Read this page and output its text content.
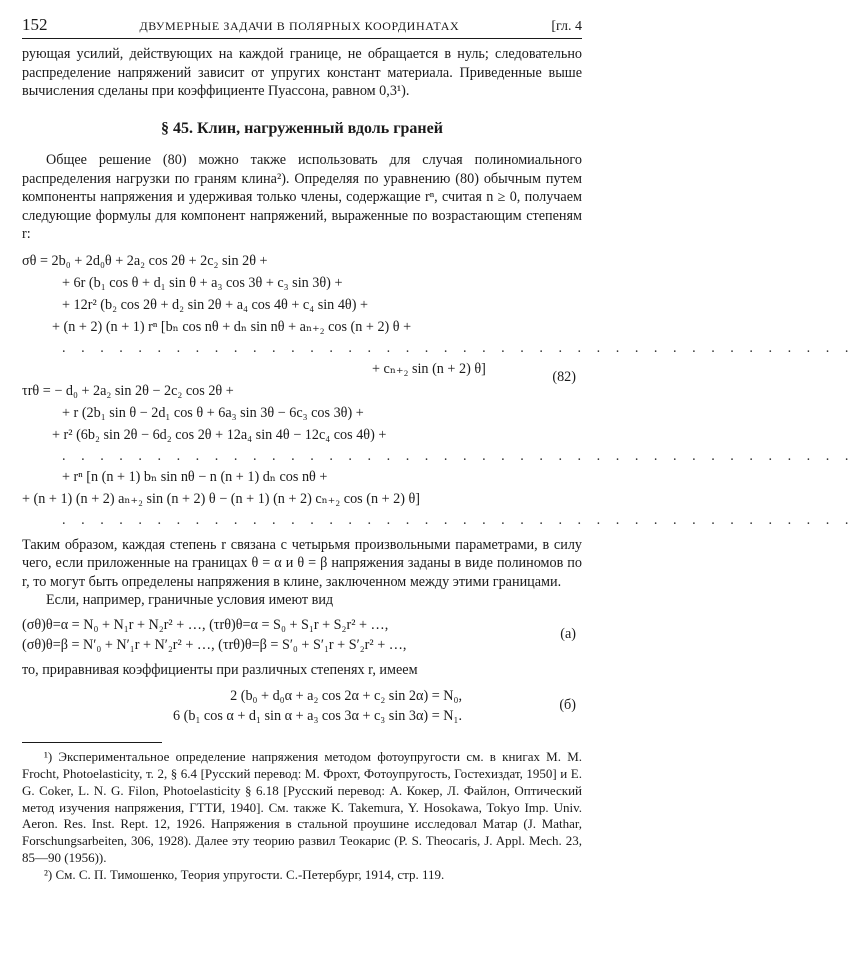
152	ДВУМЕРНЫЕ ЗАДАЧИ В ПОЛЯРНЫХ КООРДИНАТАХ	[гл. 4

рующая усилий, действующих на каждой границе, не обращается в нуль; следовательно распределение напряжений зависит от упругих констант материала. Приведенные выше вычисления сделаны при коэффициенте Пуассона, равном 0,3¹).

§ 45. Клин, нагруженный вдоль граней

Общее решение (80) можно также использовать для случая полиномиального распределения нагрузки по граням клина²). Определяя по уравнению (80) обычным путем компоненты напряжения и удерживая только члены, содержащие rⁿ, считая n ≥ 0, получаем следующие формулы для компонент напряжений, выраженные по возрастающим степеням r:

σθ = 2b₀ + 2d₀θ + 2a₂ cos 2θ + 2c₂ sin 2θ +
+ 6r (b₁ cos θ + d₁ sin θ + a₃ cos 3θ + c₃ sin 3θ) +
+ 12r² (b₂ cos 2θ + d₂ sin 2θ + a₄ cos 4θ + c₄ sin 4θ) +
+ (n + 2) (n + 1) rⁿ [bₙ cos nθ + dₙ sin nθ + aₙ₊₂ cos (n + 2) θ +
. . . . . . . . . . . . . . . . . . . . . . . . . . . . . . . . . . . . . . . . . .
+ cₙ₊₂ sin (n + 2) θ]
τrθ = − d₀ + 2a₂ sin 2θ − 2c₂ cos 2θ +
+ r (2b₁ sin θ − 2d₁ cos θ + 6a₃ sin 3θ − 6c₃ cos 3θ) +
+ r² (6b₂ sin 2θ − 6d₂ cos 2θ + 12a₄ sin 4θ − 12c₄ cos 4θ) +
. . . . . . . . . . . . . . . . . . . . . . . . . . . . . . . . . . . . . . . . . .
+ rⁿ [n (n + 1) bₙ sin nθ − n (n + 1) dₙ cos nθ +
+ (n + 1) (n + 2) aₙ₊₂ sin (n + 2) θ − (n + 1) (n + 2) cₙ₊₂ cos (n + 2) θ]
. . . . . . . . . . . . . . . . . . . . . . . . . . . . . . . . . . . . . . . . . .
(82)

Таким образом, каждая степень r связана с четырьмя произвольными параметрами, в силу чего, если приложенные на границах θ = α и θ = β напряжения заданы в виде полиномов по r, то могут быть определены напряжения в клине, заключенном между этими границами.

Если, например, граничные условия имеют вид

(σθ)θ=α = N₀ + N₁r + N₂r² + …, (τrθ)θ=α = S₀ + S₁r + S₂r² + …,
(σθ)θ=β = N′₀ + N′₁r + N′₂r² + …, (τrθ)θ=β = S′₀ + S′₁r + S′₂r² + …,
(a)

то, приравнивая коэффициенты при различных степенях r, имеем

2 (b₀ + d₀α + a₂ cos 2α + c₂ sin 2α) = N₀,
6 (b₁ cos α + d₁ sin α + a₃ cos 3α + c₃ sin 3α) = N₁.
(б)

¹) Экспериментальное определение напряжения методом фотоупругости см. в книгах M. M. Frocht, Photoelasticity, т. 2, § 6.4 [Русский перевод: М. Фрохт, Фотоупругость, Гостехиздат, 1950] и E. G. Coker, L. N. G. Filon, Photoelasticity § 6.18 [Русский перевод: А. Кокер, Л. Файлон, Оптический метод изучения напряжения, ГТТИ, 1940]. См. также K. Takemura, Y. Hosokawa, Tokyo Imp. Univ. Aeron. Res. Inst. Rept. 12, 1926. Напряжения в стальной проушине исследовал Матар (J. Mathar, Forschungsarbeiten, 306, 1928). Далее эту теорию развил Теокарис (P. S. Theocaris, J. Appl. Mech. 23, 85—90 (1956)).

²) См. С. П. Тимошенко, Теория упругости. С.-Петербург, 1914, стр. 119.
